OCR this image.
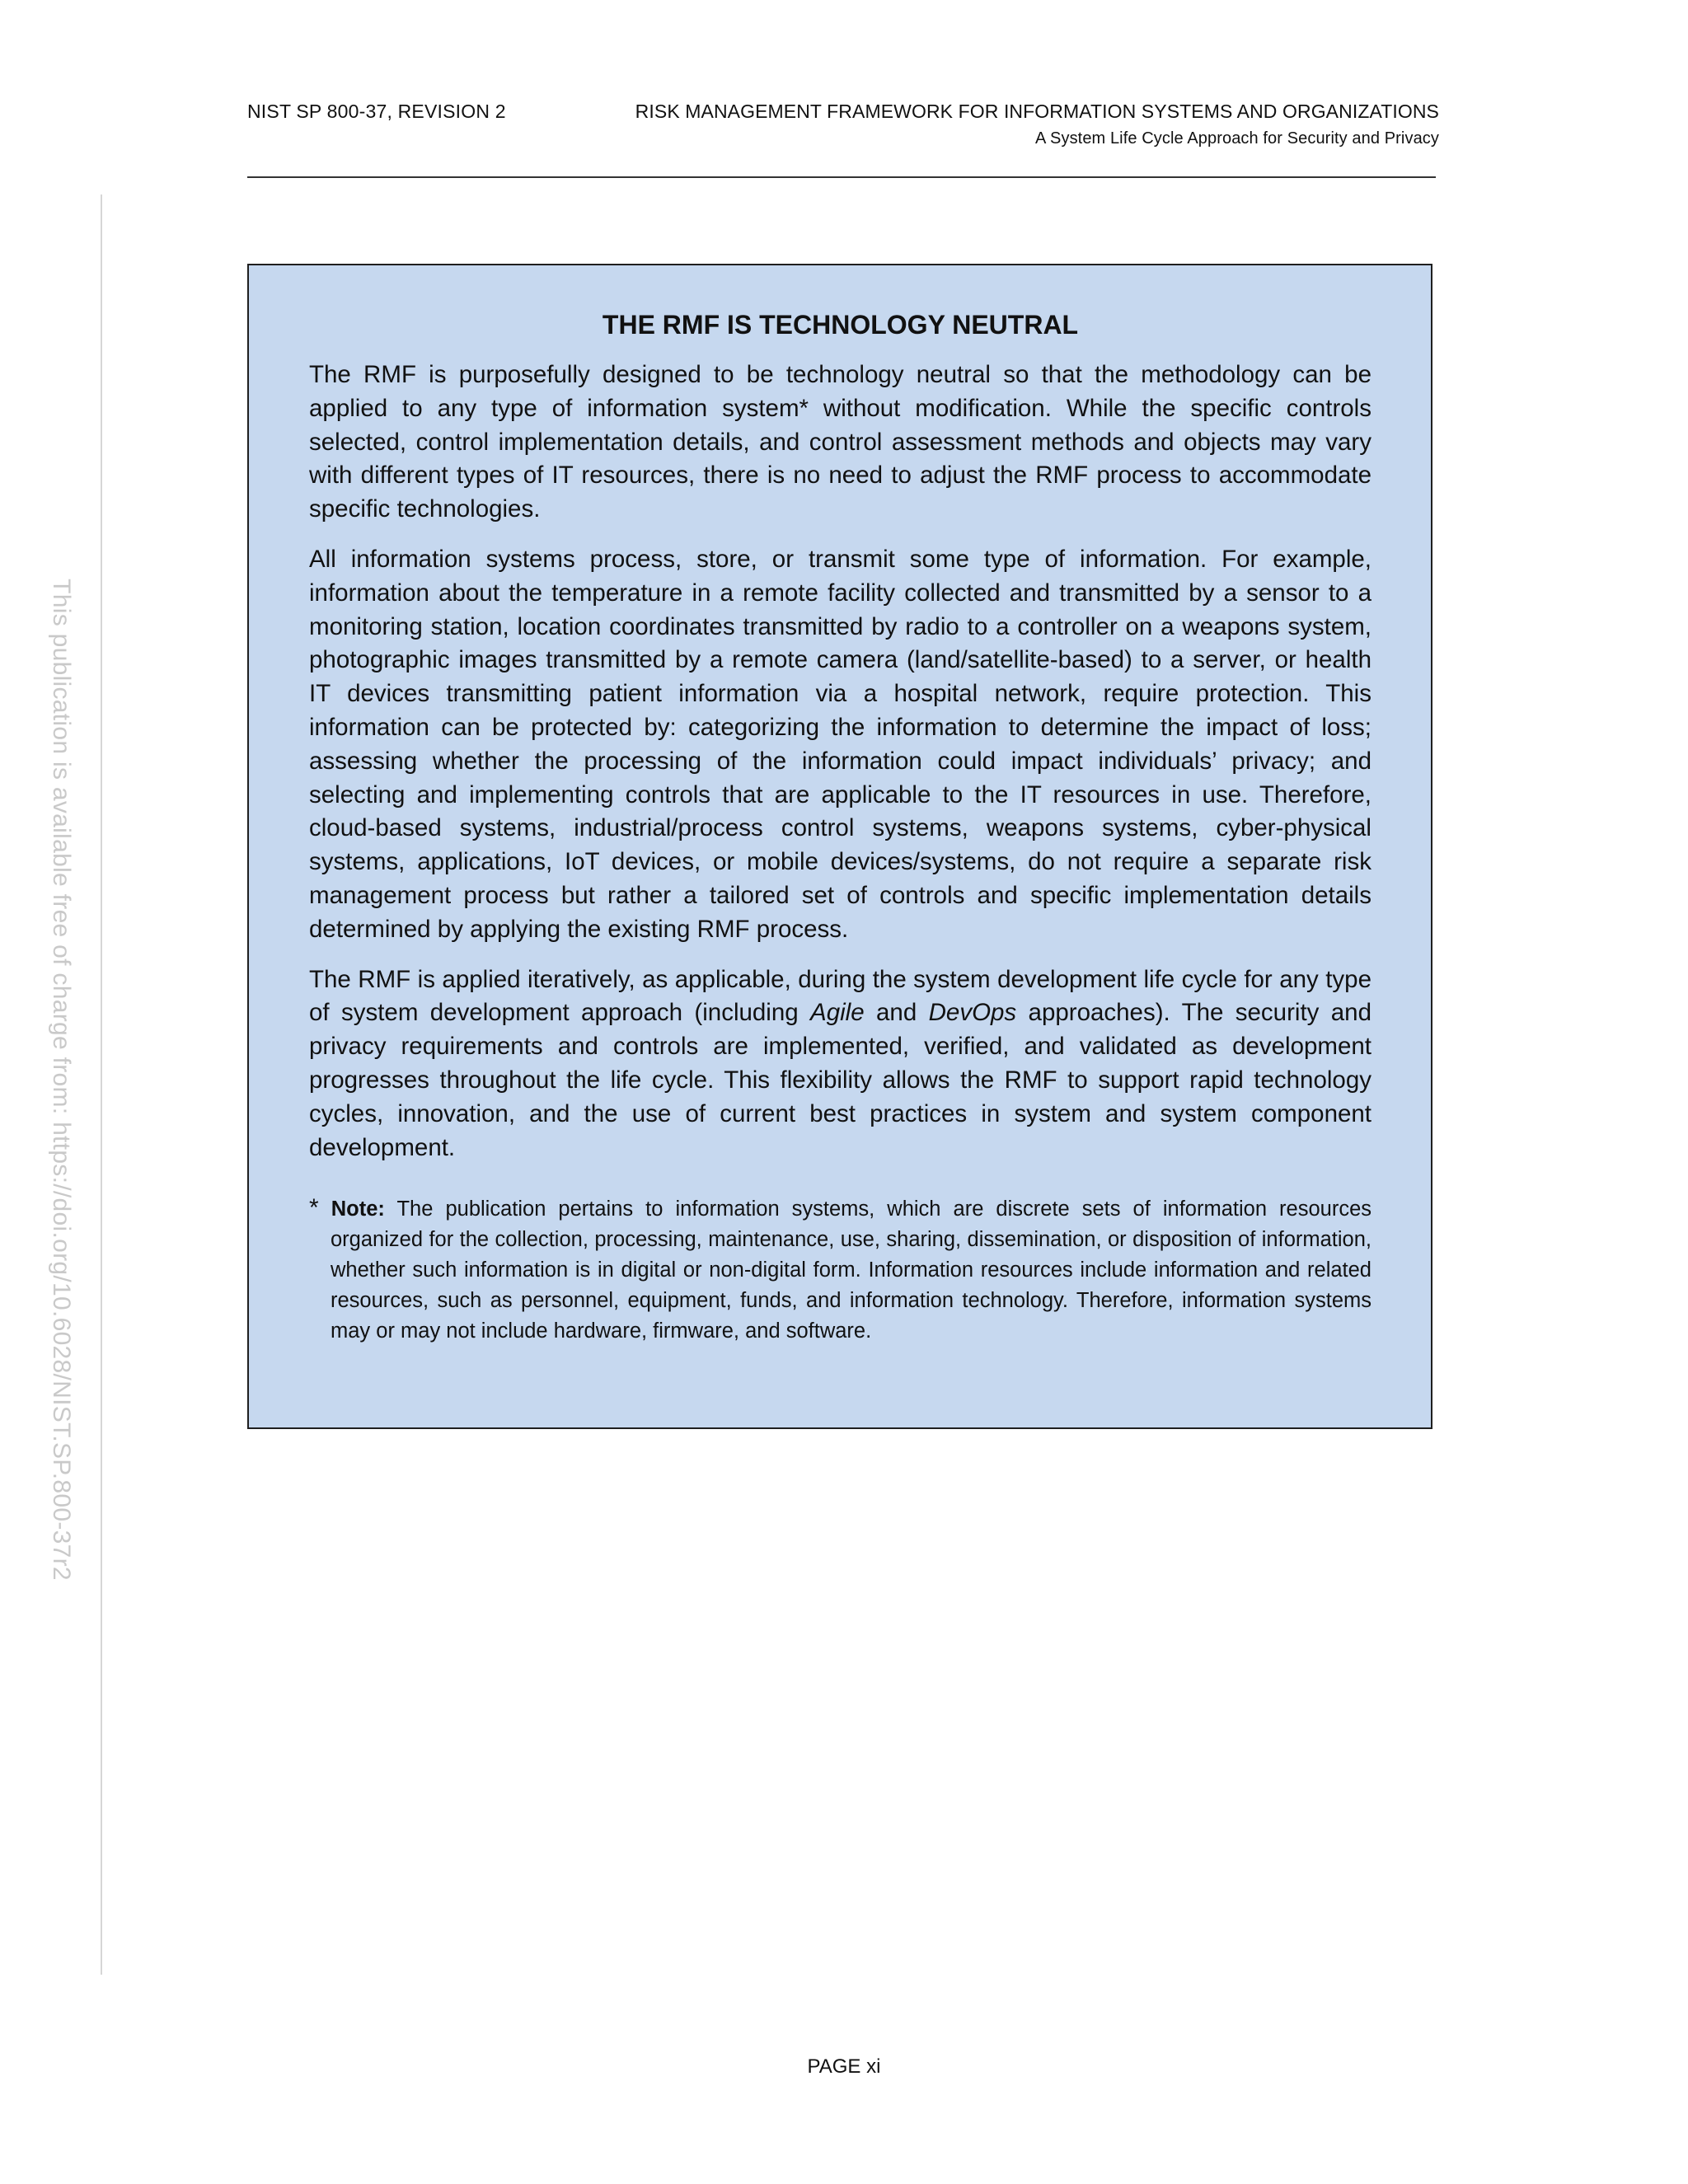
NIST SP 800-37, REVISION 2	RISK MANAGEMENT FRAMEWORK FOR INFORMATION SYSTEMS AND ORGANIZATIONS
A System Life Cycle Approach for Security and Privacy
This publication is available free of charge from: https://doi.org/10.6028/NIST.SP.800-37r2
THE RMF IS TECHNOLOGY NEUTRAL

The RMF is purposefully designed to be technology neutral so that the methodology can be applied to any type of information system* without modification. While the specific controls selected, control implementation details, and control assessment methods and objects may vary with different types of IT resources, there is no need to adjust the RMF process to accommodate specific technologies.

All information systems process, store, or transmit some type of information. For example, information about the temperature in a remote facility collected and transmitted by a sensor to a monitoring station, location coordinates transmitted by radio to a controller on a weapons system, photographic images transmitted by a remote camera (land/satellite-based) to a server, or health IT devices transmitting patient information via a hospital network, require protection. This information can be protected by: categorizing the information to determine the impact of loss; assessing whether the processing of the information could impact individuals’ privacy; and selecting and implementing controls that are applicable to the IT resources in use. Therefore, cloud-based systems, industrial/process control systems, weapons systems, cyber-physical systems, applications, IoT devices, or mobile devices/systems, do not require a separate risk management process but rather a tailored set of controls and specific implementation details determined by applying the existing RMF process.

The RMF is applied iteratively, as applicable, during the system development life cycle for any type of system development approach (including Agile and DevOps approaches). The security and privacy requirements and controls are implemented, verified, and validated as development progresses throughout the life cycle. This flexibility allows the RMF to support rapid technology cycles, innovation, and the use of current best practices in system and system component development.

* Note: The publication pertains to information systems, which are discrete sets of information resources organized for the collection, processing, maintenance, use, sharing, dissemination, or disposition of information, whether such information is in digital or non-digital form. Information resources include information and related resources, such as personnel, equipment, funds, and information technology. Therefore, information systems may or may not include hardware, firmware, and software.
PAGE xi
